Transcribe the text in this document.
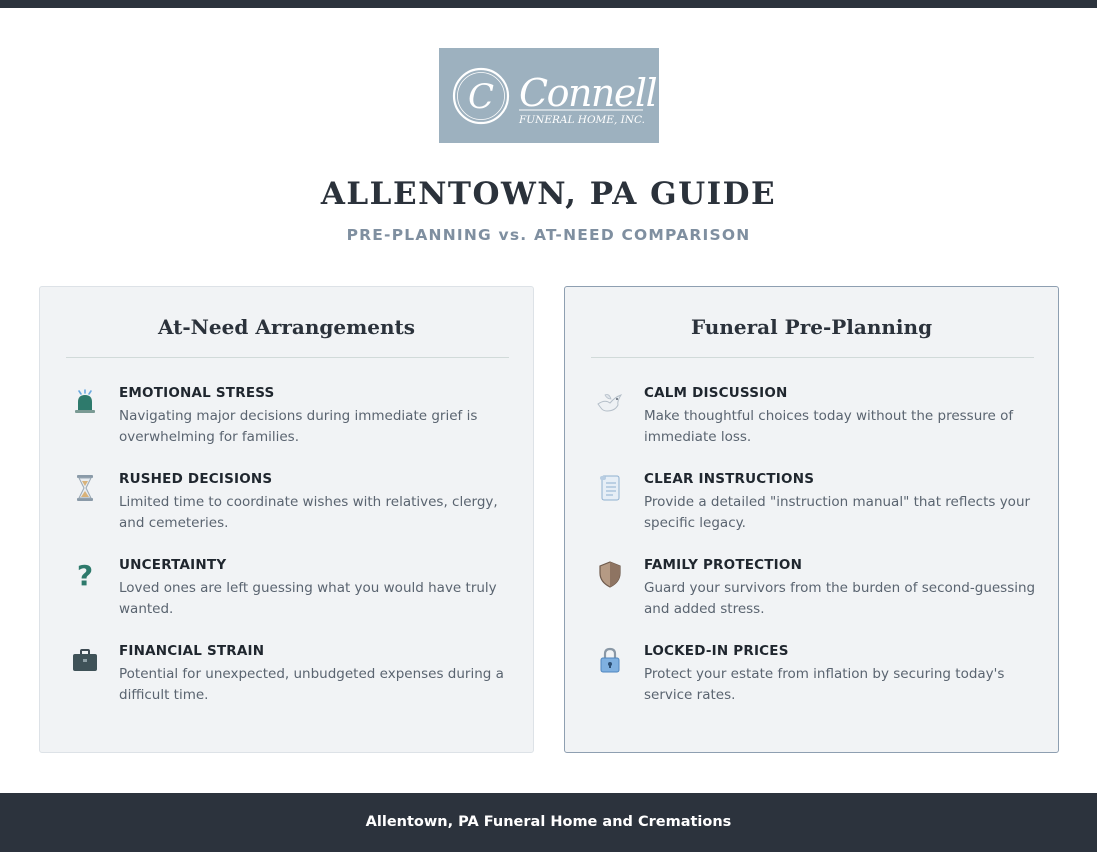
C Connell
FUNERAL HOME, INC.
ALLENTOWN, PA GUIDE
PRE-PLANNING vs. AT-NEED COMPARISON
At-Need Arrangements
EMOTIONAL STRESS
Navigating major decisions during immediate grief is overwhelming for families.
RUSHED DECISIONS
Limited time to coordinate wishes with relatives, clergy, and cemeteries.
? UNCERTAINTY
Loved ones are left guessing what you would have truly wanted.
FINANCIAL STRAIN
Potential for unexpected, unbudgeted expenses during a difficult time.
Funeral Pre-Planning
CALM DISCUSSION
Make thoughtful choices today without the pressure of immediate loss.
CLEAR INSTRUCTIONS
Provide a detailed "instruction manual" that reflects your specific legacy.
FAMILY PROTECTION
Guard your survivors from the burden of second-guessing and added stress.
LOCKED-IN PRICES
Protect your estate from inflation by securing today's service rates.
Allentown, PA Funeral Home and Cremations
